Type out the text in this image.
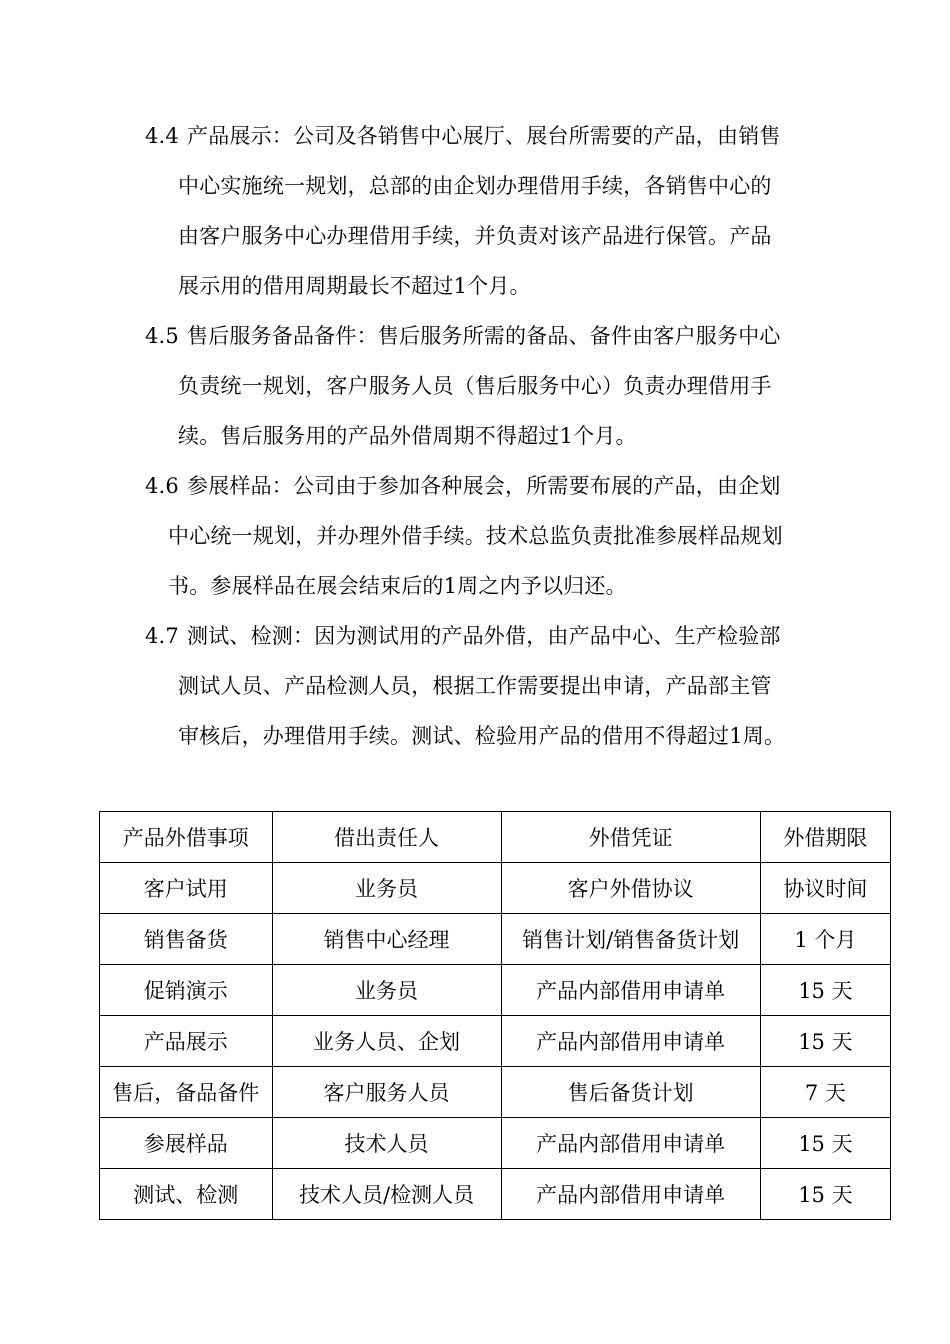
4.4 产品展示：公司及各销售中心展厅、展台所需要的产品，由销售
中心实施统一规划，总部的由企划办理借用手续，各销售中心的
由客户服务中心办理借用手续，并负责对该产品进行保管。产品
展示用的借用周期最长不超过1个月。
4.5 售后服务备品备件：售后服务所需的备品、备件由客户服务中心
负责统一规划，客户服务人员（售后服务中心）负责办理借用手
续。售后服务用的产品外借周期不得超过1个月。
4.6 参展样品：公司由于参加各种展会，所需要布展的产品，由企划
中心统一规划，并办理外借手续。技术总监负责批准参展样品规划
书。参展样品在展会结束后的1周之内予以归还。
4.7 测试、检测：因为测试用的产品外借，由产品中心、生产检验部
测试人员、产品检测人员，根据工作需要提出申请，产品部主管
审核后，办理借用手续。测试、检验用产品的借用不得超过1周。
产品外借事项	借出责任人	外借凭证	外借期限
客户试用	业务员	客户外借协议	协议时间
销售备货	销售中心经理	销售计划/销售备货计划	1 个月
促销演示	业务员	产品内部借用申请单	15 天
产品展示	业务人员、企划	产品内部借用申请单	15 天
售后，备品备件	客户服务人员	售后备货计划	7 天
参展样品	技术人员	产品内部借用申请单	15 天
测试、检测	技术人员/检测人员	产品内部借用申请单	15 天
